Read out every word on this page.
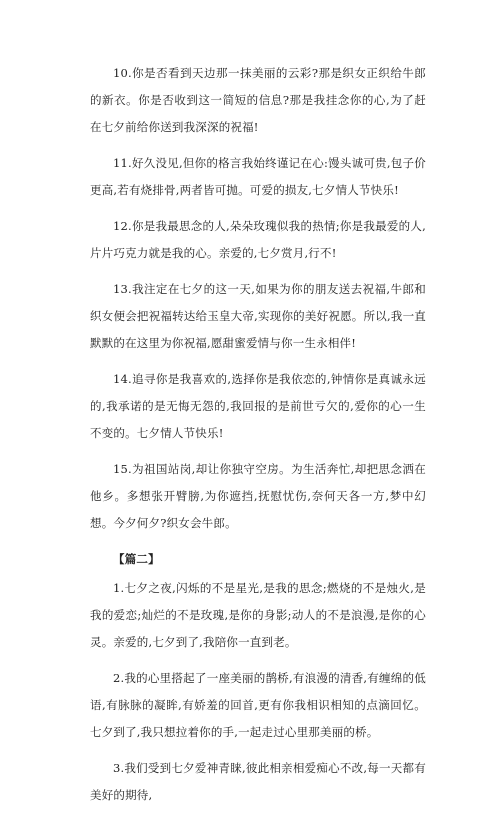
10.你是否看到天边那一抹美丽的云彩?那是织女正织给牛郎的新衣。你是否收到这一简短的信息?那是我挂念你的心,为了赶在七夕前给你送到我深深的祝福!

11.好久没见,但你的格言我始终谨记在心:馒头诚可贵,包子价更高,若有烧排骨,两者皆可抛。可爱的损友,七夕情人节快乐!

12.你是我最思念的人,朵朵玫瑰似我的热情;你是我最爱的人,片片巧克力就是我的心。亲爱的,七夕赏月,行不!

13.我注定在七夕的这一天,如果为你的朋友送去祝福,牛郎和织女便会把祝福转达给玉皇大帝,实现你的美好祝愿。所以,我一直默默的在这里为你祝福,愿甜蜜爱情与你一生永相伴!

14.追寻你是我喜欢的,选择你是我依恋的,钟情你是真诚永远的,我承诺的是无悔无怨的,我回报的是前世亏欠的,爱你的心一生不变的。七夕情人节快乐!

15.为祖国站岗,却让你独守空房。为生活奔忙,却把思念洒在他乡。多想张开臂膀,为你遮挡,抚慰忧伤,奈何天各一方,梦中幻想。今夕何夕?织女会牛郎。

【篇二】

1.七夕之夜,闪烁的不是星光,是我的思念;燃烧的不是烛火,是我的爱恋;灿烂的不是玫瑰,是你的身影;动人的不是浪漫,是你的心灵。亲爱的,七夕到了,我陪你一直到老。

2.我的心里搭起了一座美丽的鹊桥,有浪漫的清香,有缠绵的低语,有脉脉的凝眸,有娇羞的回首,更有你我相识相知的点滴回忆。七夕到了,我只想拉着你的手,一起走过心里那美丽的桥。

3.我们受到七夕爱神青睐,彼此相亲相爱痴心不改,每一天都有美好的期待,
